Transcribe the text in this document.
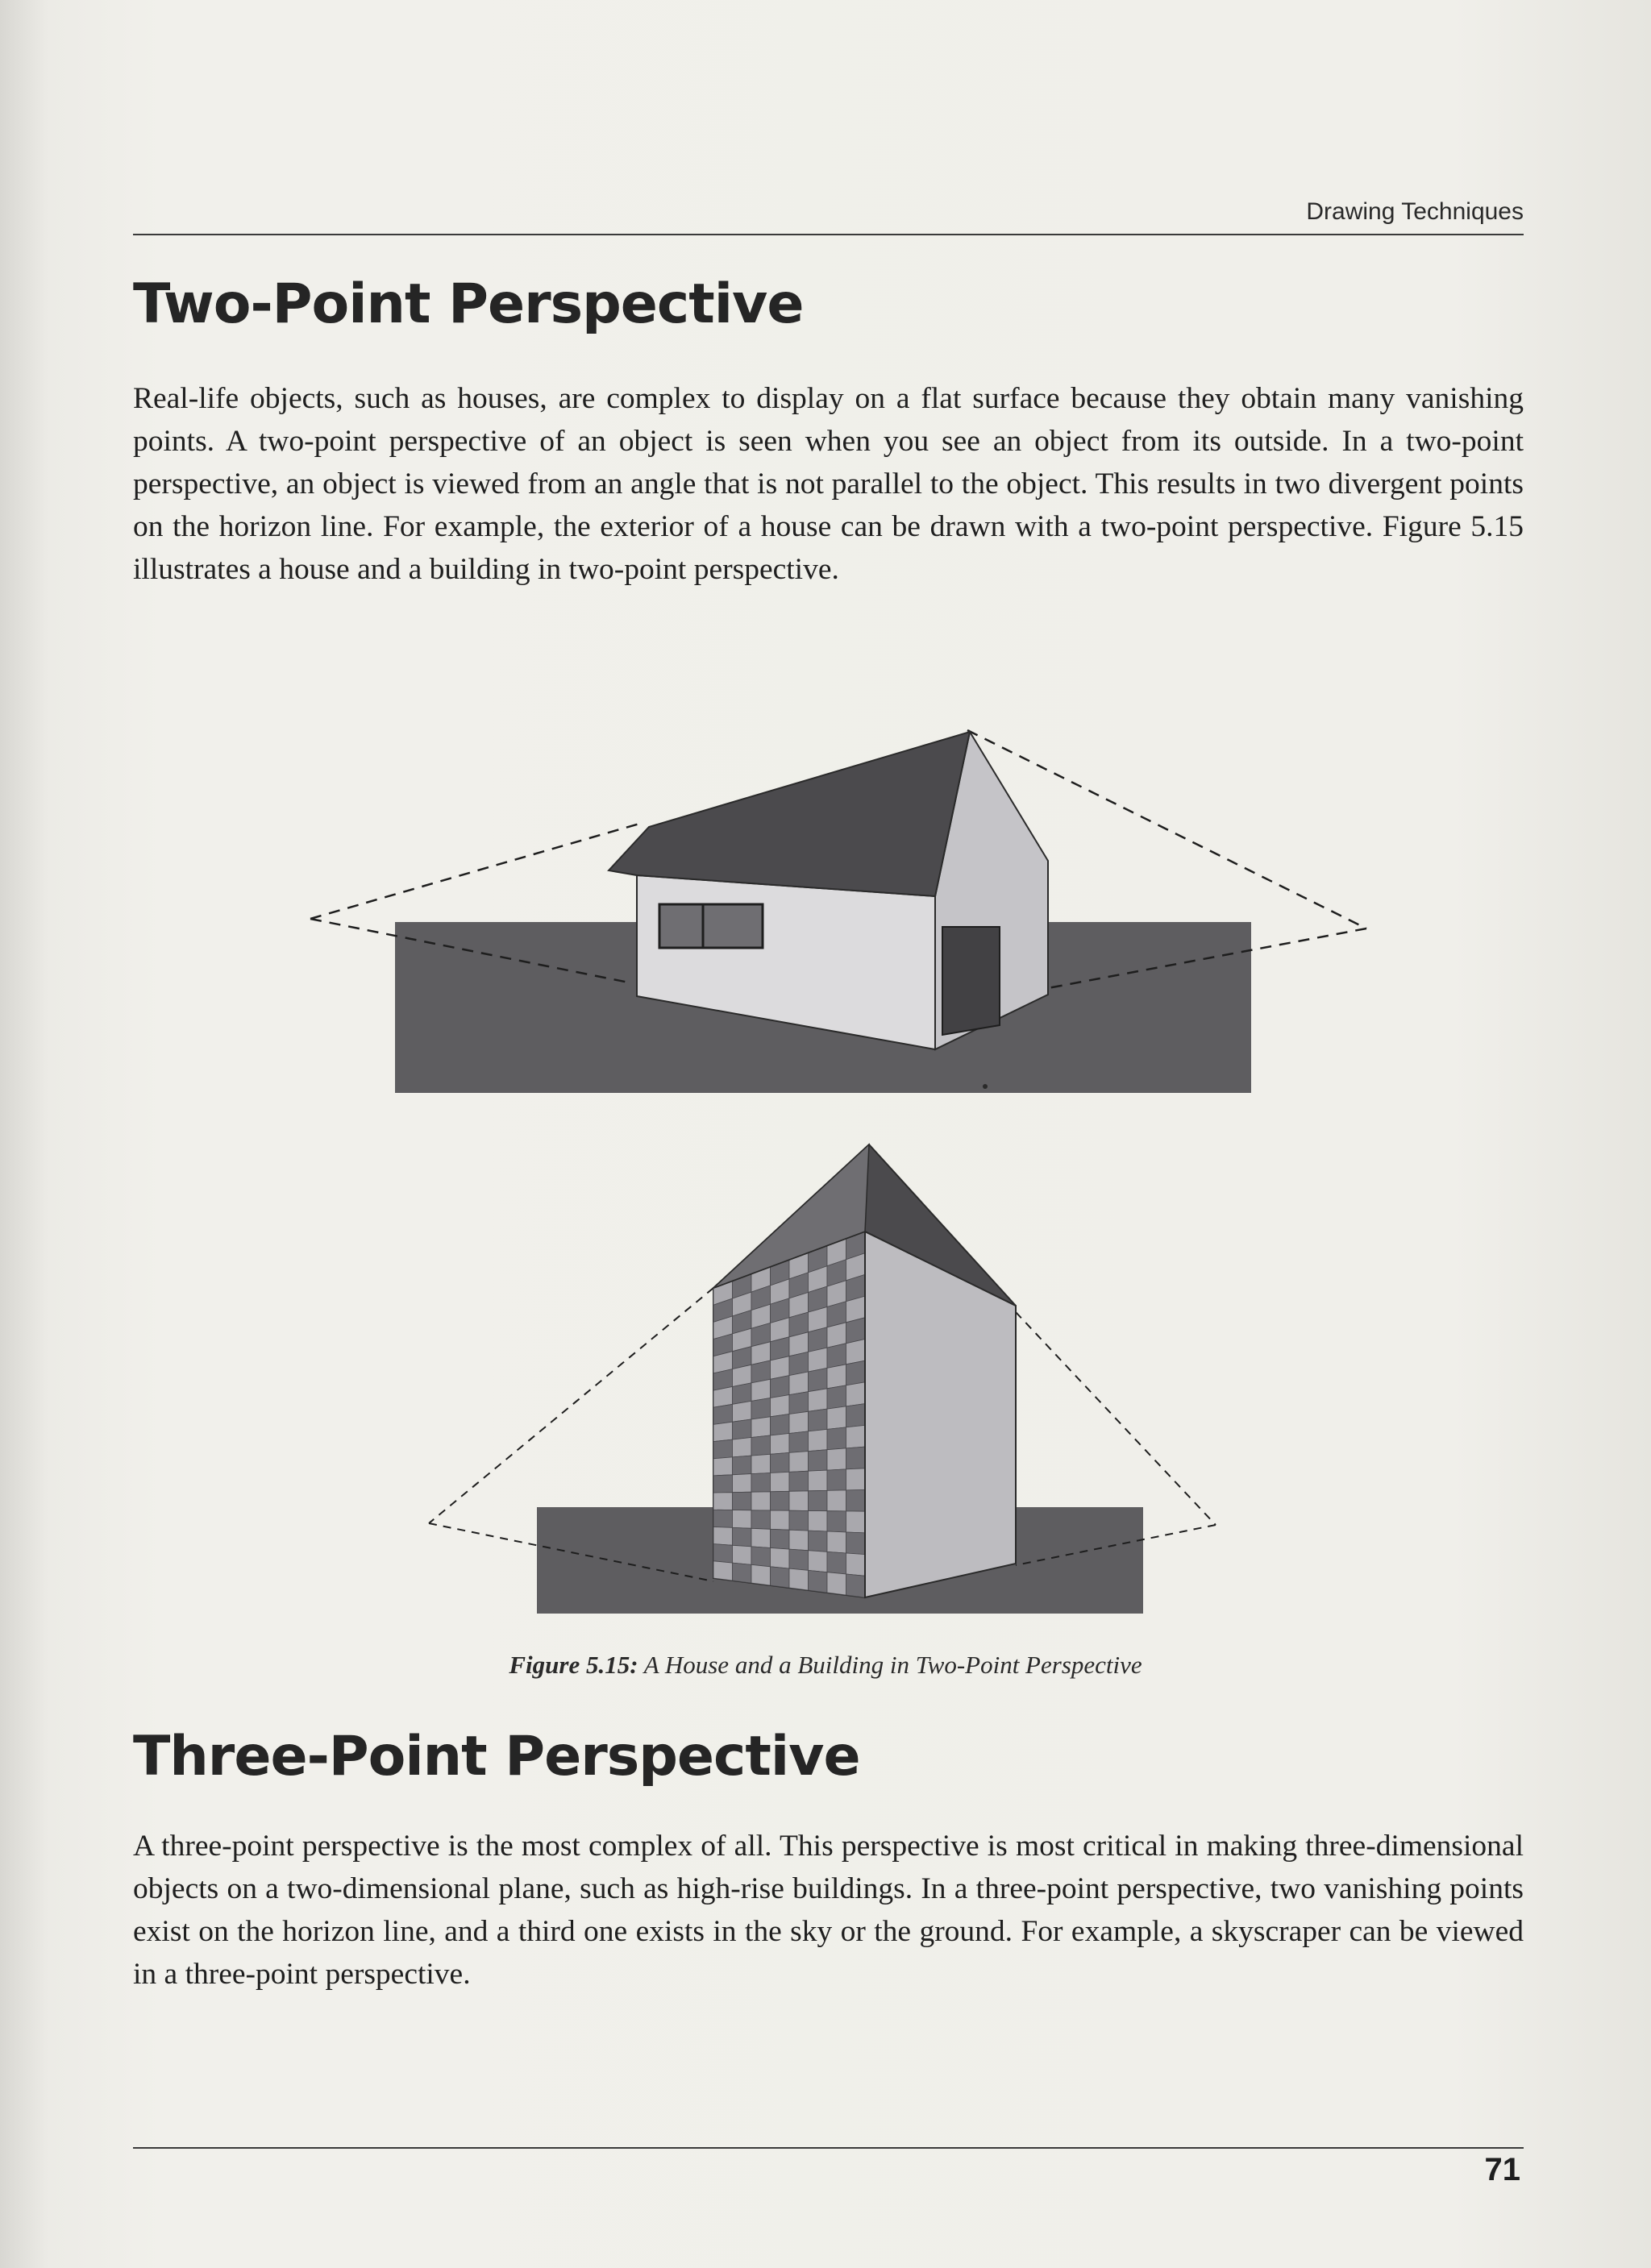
Drawing Techniques
Two-Point Perspective

Real-life objects, such as houses, are complex to display on a flat surface because they obtain many vanishing points. A two-point perspective of an object is seen when you see an object from its outside. In a two-point perspective, an object is viewed from an angle that is not parallel to the object. This results in two divergent points on the horizon line. For example, the exterior of a house can be drawn with a two-point perspective. Figure 5.15 illustrates a house and a building in two-point perspective.

Figure 5.15: A House and a Building in Two-Point Perspective

Three-Point Perspective

A three-point perspective is the most complex of all. This perspective is most critical in making three-dimensional objects on a two-dimensional plane, such as high-rise buildings. In a three-point perspective, two vanishing points exist on the horizon line, and a third one exists in the sky or the ground. For example, a skyscraper can be viewed in a three-point perspective.

71
